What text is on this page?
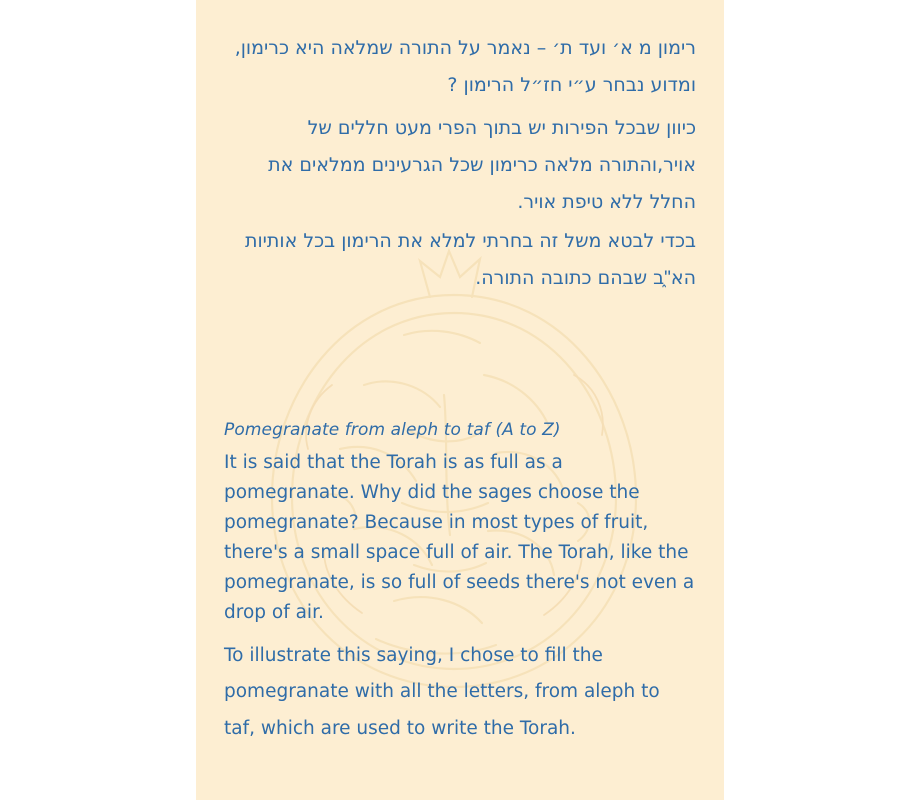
רימון מ א׳ ועד ת׳ – נאמר על התורה שמלאה היא כרימון, ומדוע נבחר ע״י חז״ל הרימון ?

כיוון שבכל הפירות יש בתוך הפרי מעט חללים של אויר,והתורה מלאה כרימון שכל הגרעינים ממלאים את החלל ללא טיפת אויר.

בכדי לבטא משל זה בחרתי למלא את הרימון בכל אותיות הא"֑ב שבהם כתובה התורה.

Pomegranate from aleph to taf (A to Z)

It is said that the Torah is as full as a pomegranate. Why did the sages choose the pomegranate? Because in most types of fruit, there's a small space full of air. The Torah, like the pomegranate, is so full of seeds there's not even a drop of air.

To illustrate this saying, I chose to fill the pomegranate with all the letters, from aleph to taf, which are used to write the Torah.
